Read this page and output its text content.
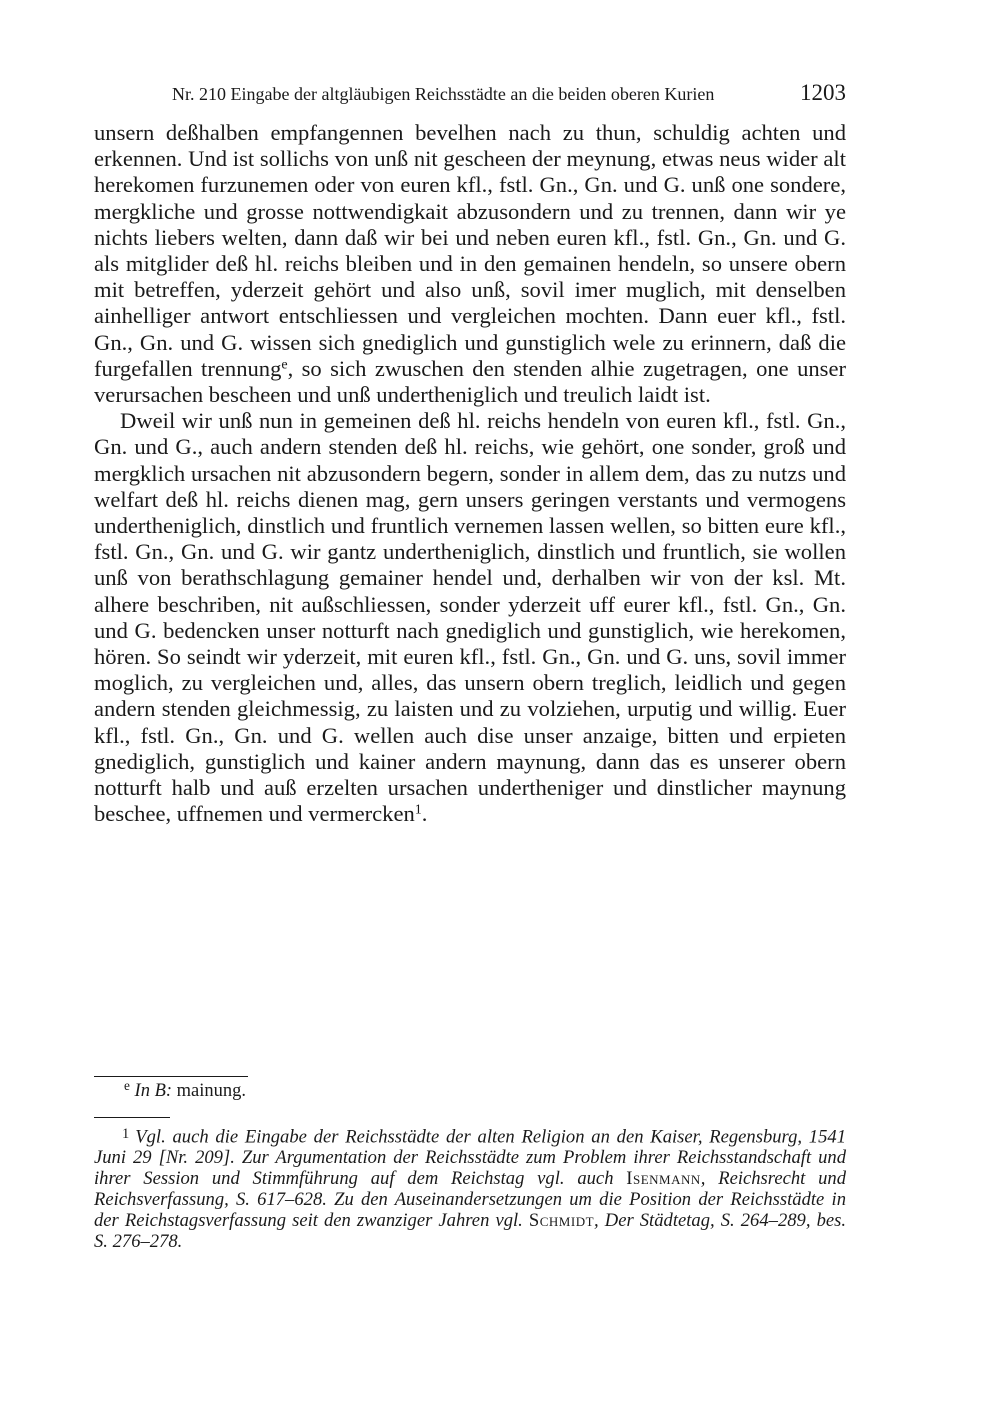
Nr. 210 Eingabe der altgläubigen Reichsstädte an die beiden oberen Kurien	1203

unsern deßhalben empfangennen bevelhen nach zu thun, schuldig achten und erkennen. Und ist sollichs von unß nit gescheen der meynung, etwas neus wider alt herekomen furzunemen oder von euren kfl., fstl. Gn., Gn. und G. unß one sondere, mergkliche und grosse nottwendigkait abzusondern und zu trennen, dann wir ye nichts liebers welten, dann daß wir bei und neben euren kfl., fstl. Gn., Gn. und G. als mitglider deß hl. reichs bleiben und in den gemainen hendeln, so unsere obern mit betreffen, yderzeit gehört und also unß, sovil imer muglich, mit denselben ainhelliger antwort entschliessen und vergleichen mochten. Dann euer kfl., fstl. Gn., Gn. und G. wissen sich gnediglich und gunstiglich wele zu erinnern, daß die furgefallen trennung$^e$, so sich zwuschen den stenden alhie zugetragen, one unser verursachen bescheen und unß undertheniglich und treulich laidt ist.

Dweil wir unß nun in gemeinen deß hl. reichs hendeln von euren kfl., fstl. Gn., Gn. und G., auch andern stenden deß hl. reichs, wie gehört, one sonder, groß und mergklich ursachen nit abzusondern begern, sonder in allem dem, das zu nutzs und welfart deß hl. reichs dienen mag, gern unsers geringen verstants und vermogens undertheniglich, dinstlich und fruntlich vernemen lassen wellen, so bitten eure kfl., fstl. Gn., Gn. und G. wir gantz undertheniglich, dinstlich und fruntlich, sie wollen unß von berathschlagung gemainer hendel und, derhalben wir von der ksl. Mt. alhere beschriben, nit außschliessen, sonder yderzeit uff eurer kfl., fstl. Gn., Gn. und G. bedencken unser notturft nach gnediglich und gunstiglich, wie herekomen, hören. So seindt wir yderzeit, mit euren kfl., fstl. Gn., Gn. und G. uns, sovil immer moglich, zu vergleichen und, alles, das unsern obern treglich, leidlich und gegen andern stenden gleichmessig, zu laisten und zu volziehen, urputig und willig. Euer kfl., fstl. Gn., Gn. und G. wellen auch dise unser anzaige, bitten und erpieten gnediglich, gunstiglich und kainer andern maynung, dann das es unserer obern notturft halb und auß erzelten ursachen undertheniger und dinstlicher maynung beschee, uffnemen und vermercken$^1$.

$^e$ In B: mainung.
$^1$ Vgl. auch die Eingabe der Reichsstädte der alten Religion an den Kaiser, Regensburg, 1541 Juni 29 [Nr. 209]. Zur Argumentation der Reichsstädte zum Problem ihrer Reichsstandschaft und ihrer Session und Stimmführung auf dem Reichstag vgl. auch Isenmann, Reichsrecht und Reichsverfassung, S. 617–628. Zu den Auseinandersetzungen um die Position der Reichsstädte in der Reichstagsverfassung seit den zwanziger Jahren vgl. Schmidt, Der Städtetag, S. 264–289, bes. S. 276–278.
